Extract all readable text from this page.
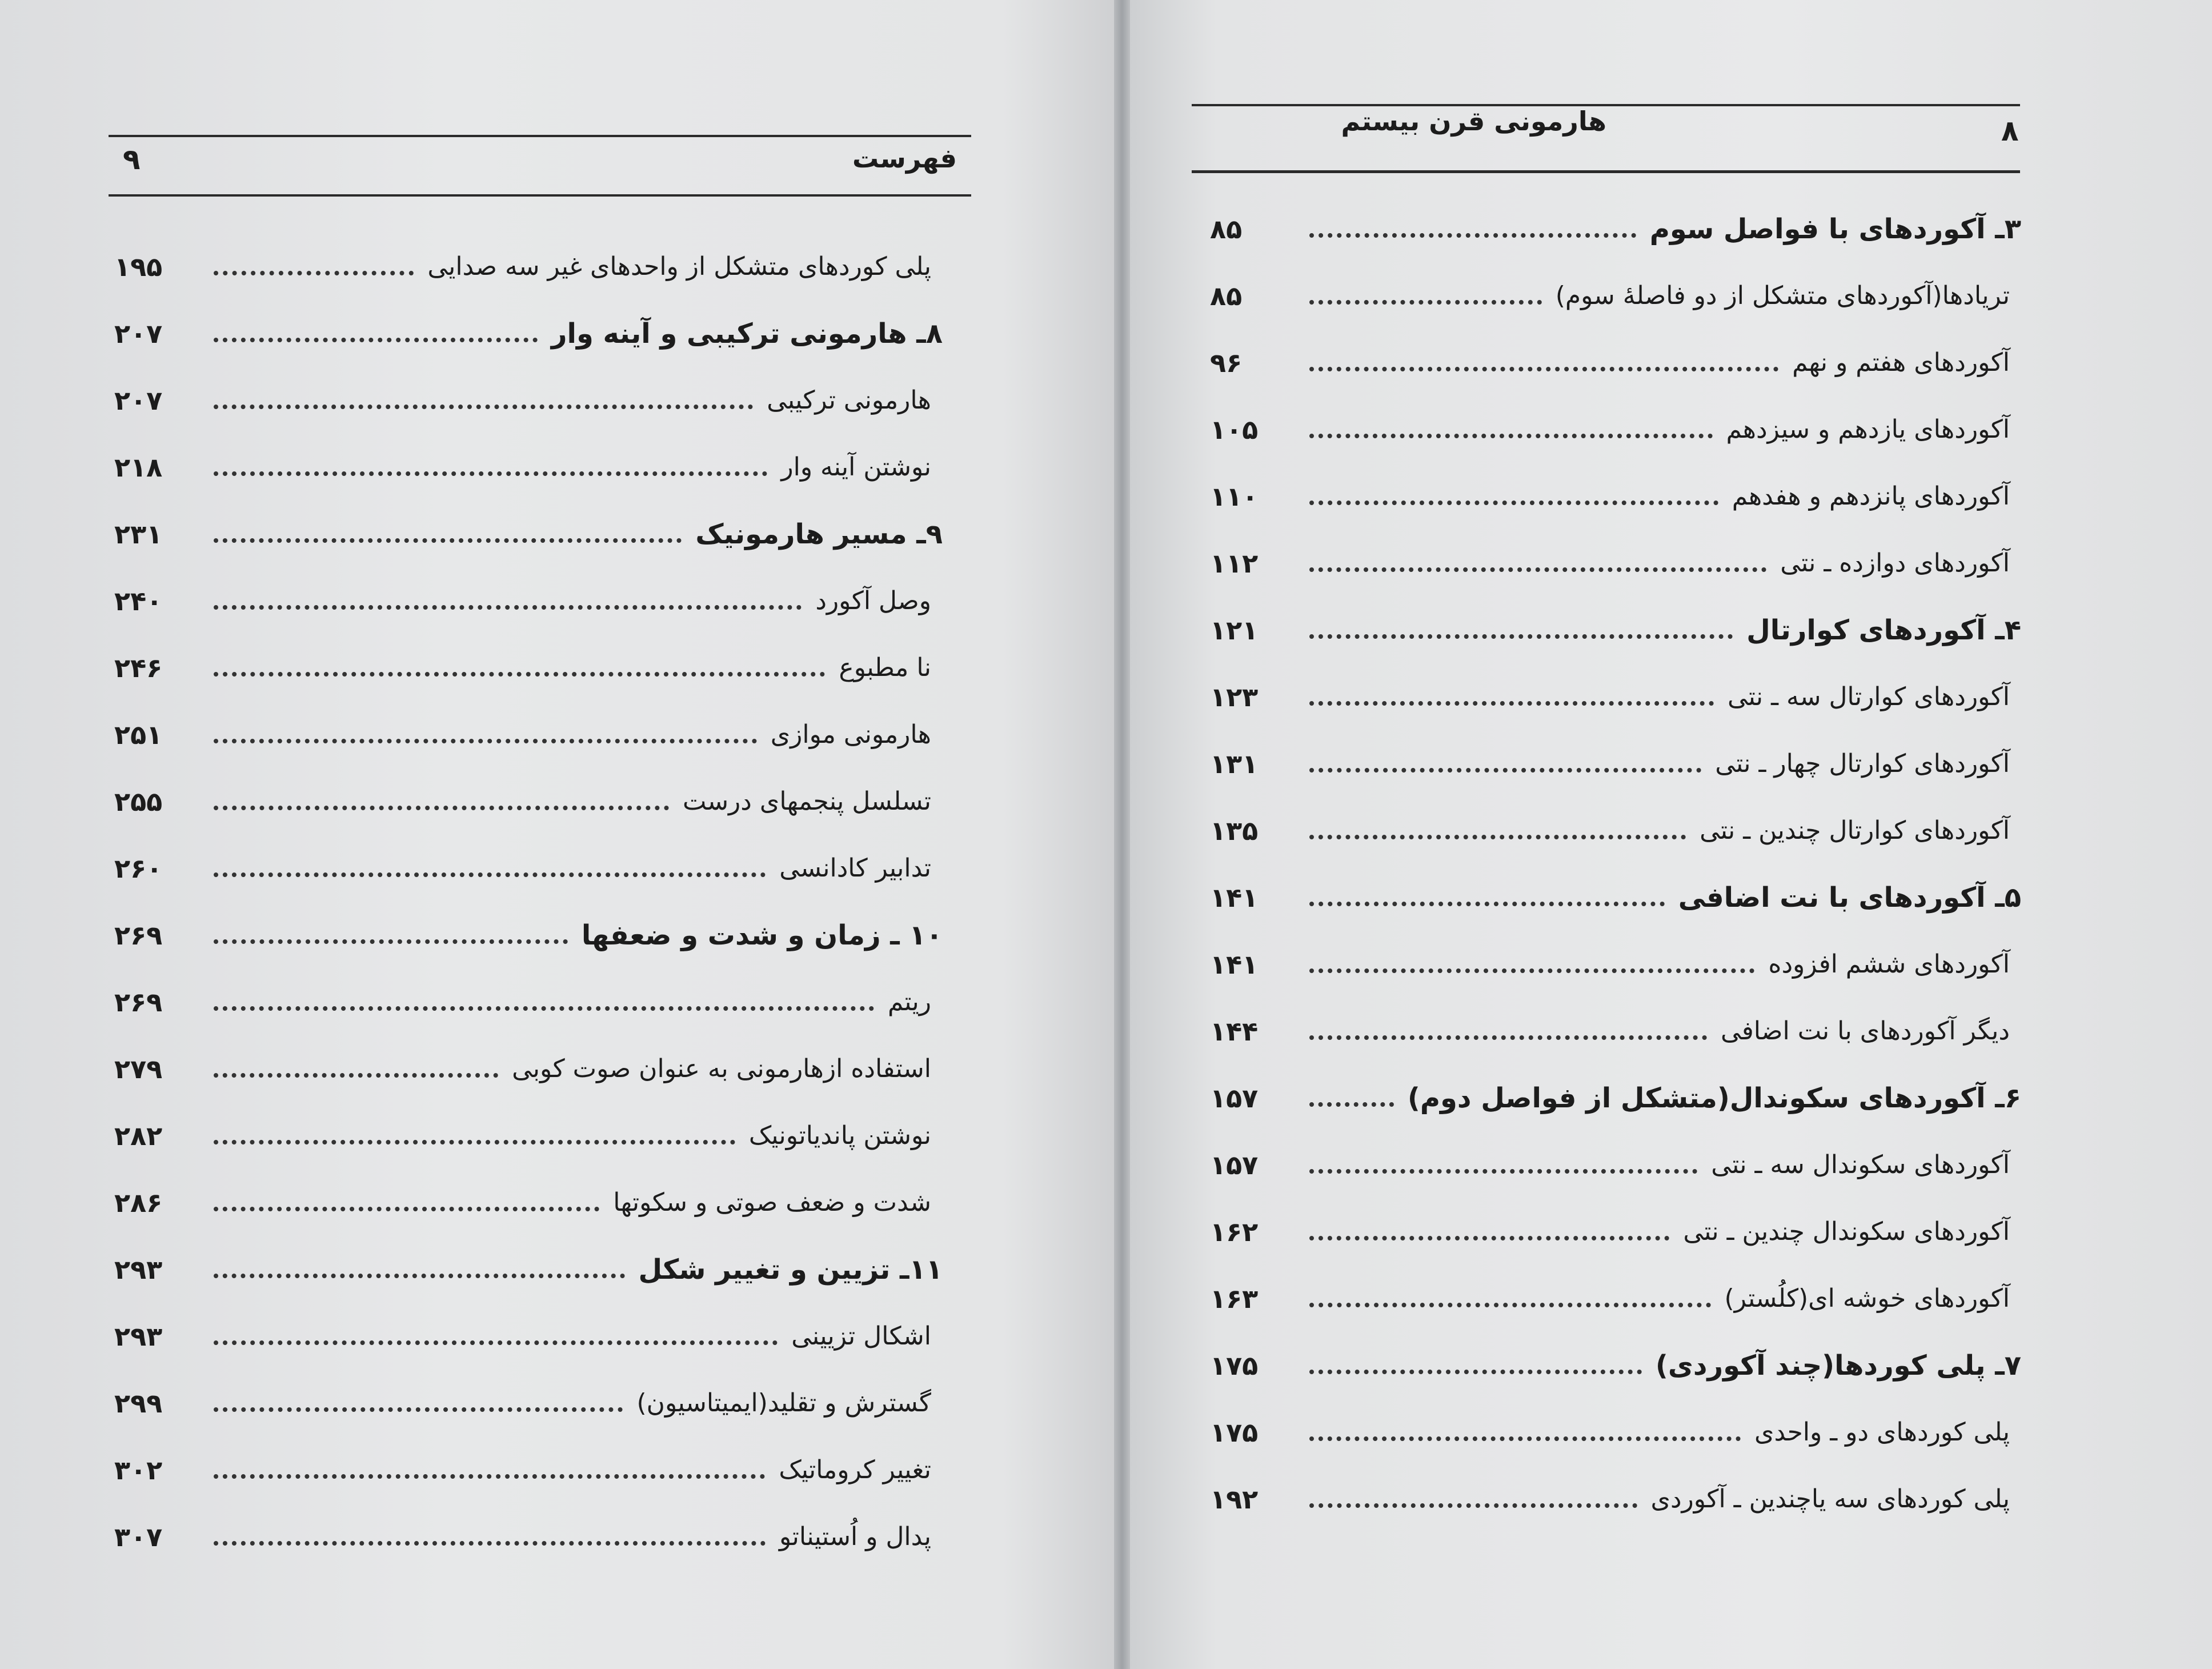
۹	فهرست
پلی کوردهای متشکل از واحدهای غیر سه صدایی
۱۹۵
۸ـ هارمونی ترکیبی و آینه وار
۲۰۷
هارمونی ترکیبی
۲۰۷
نوشتن آینه وار
۲۱۸
۹ـ مسیر هارمونیک
۲۳۱
وصل آکورد
۲۴۰
نا مطبوع
۲۴۶
هارمونی موازی
۲۵۱
تسلسل پنجمهای درست
۲۵۵
تدابیر کادانسی
۲۶۰
۱۰ ـ زمان و شدت و ضعفها
۲۶۹
ریتم
۲۶۹
استفاده ازهارمونی به عنوان صوت کوبی
۲۷۹
نوشتن پاندیاتونیک
۲۸۲
شدت و ضعف صوتی و سکوتها
۲۸۶
۱۱ـ تزیین و تغییر شکل
۲۹۳
اشکال تزیینی
۲۹۳
گسترش و تقلید(ایمیتاسیون)
۲۹۹
تغییر کروماتیک
۳۰۲
پدال و اُستیناتو
۳۰۷
۸
هارمونی قرن بیستم
۳ـ آکوردهای با فواصل سوم
۸۵
تریادها(آکوردهای متشکل از دو فاصلهٔ سوم)
۸۵
آکوردهای هفتم و نهم
۹۶
آکوردهای یازدهم و سیزدهم
۱۰۵
آکوردهای پانزدهم و هفدهم
۱۱۰
آکوردهای دوازده ـ نتی
۱۱۲
۴ـ آکوردهای کوارتال
۱۲۱
آکوردهای کوارتال سه ـ نتی
۱۲۳
آکوردهای کوارتال چهار ـ نتی
۱۳۱
آکوردهای کوارتال چندین ـ نتی
۱۳۵
۵ـ آکوردهای با نت اضافی
۱۴۱
آکوردهای ششم افزوده
۱۴۱
دیگر آکوردهای با نت اضافی
۱۴۴
۶ـ آکوردهای سکوندال(متشکل از فواصل دوم)
۱۵۷
آکوردهای سکوندال سه ـ نتی
۱۵۷
آکوردهای سکوندال چندین ـ نتی
۱۶۲
آکوردهای خوشه ای(کلُستر)
۱۶۳
۷ـ پلی کوردها(چند آکوردی)
۱۷۵
پلی کوردهای دو ـ واحدی
۱۷۵
پلی کوردهای سه یاچندین ـ آکوردی
۱۹۲
